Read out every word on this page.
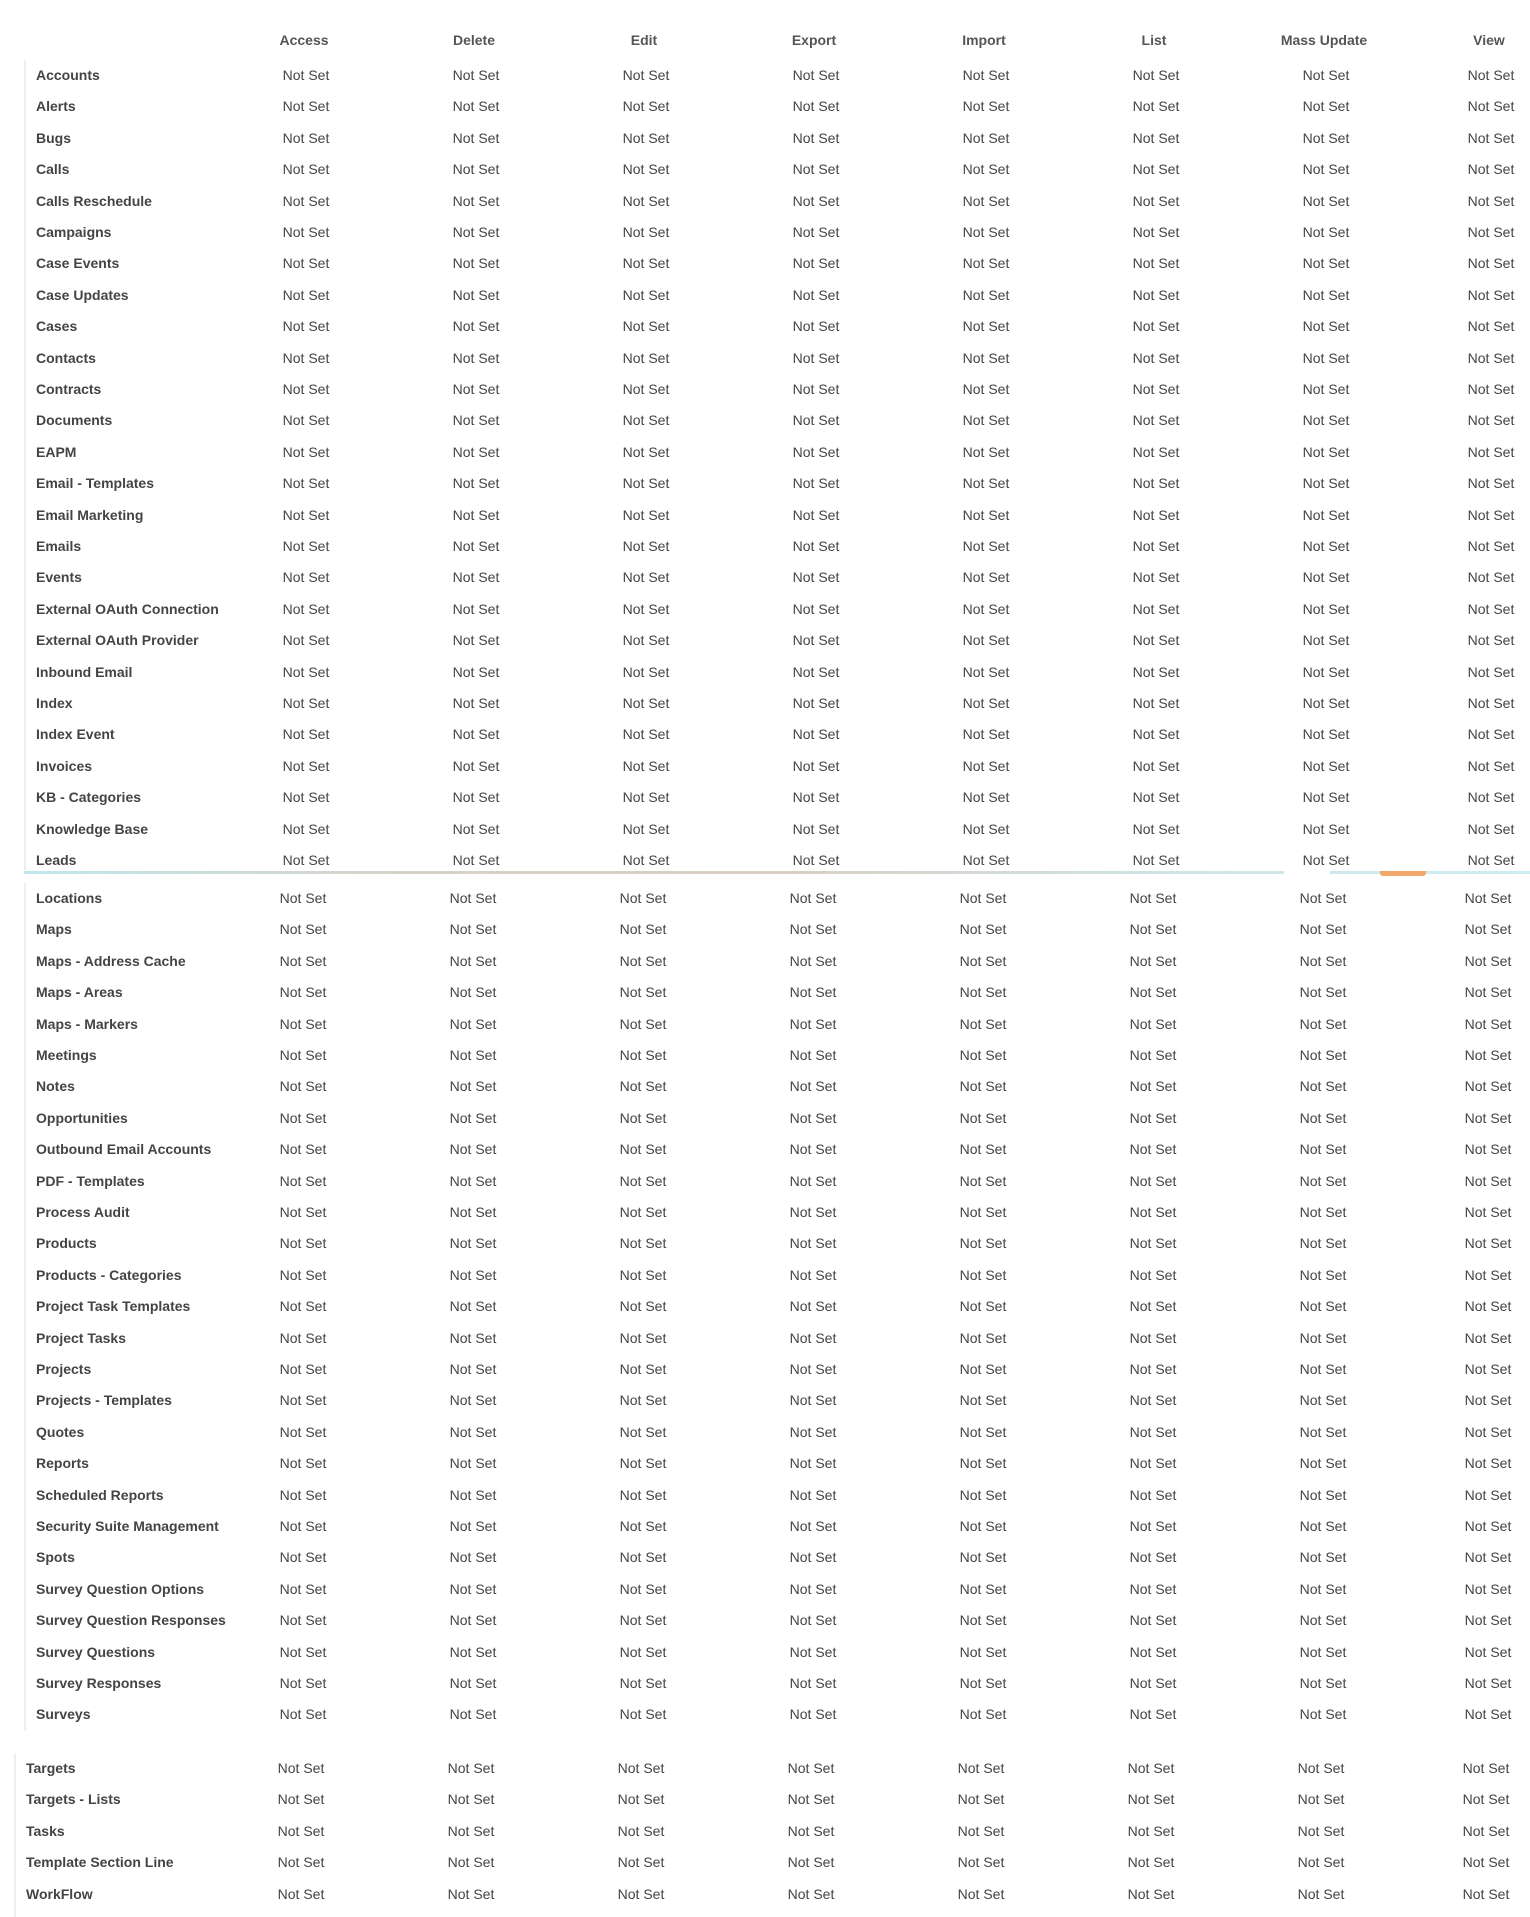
Access	Delete	Edit	Export	Import	List	Mass Update	View
Accounts	Not Set	Not Set	Not Set	Not Set	Not Set	Not Set	Not Set	Not Set
Alerts	Not Set	Not Set	Not Set	Not Set	Not Set	Not Set	Not Set	Not Set
Bugs	Not Set	Not Set	Not Set	Not Set	Not Set	Not Set	Not Set	Not Set
Calls	Not Set	Not Set	Not Set	Not Set	Not Set	Not Set	Not Set	Not Set
Calls Reschedule	Not Set	Not Set	Not Set	Not Set	Not Set	Not Set	Not Set	Not Set
Campaigns	Not Set	Not Set	Not Set	Not Set	Not Set	Not Set	Not Set	Not Set
Case Events	Not Set	Not Set	Not Set	Not Set	Not Set	Not Set	Not Set	Not Set
Case Updates	Not Set	Not Set	Not Set	Not Set	Not Set	Not Set	Not Set	Not Set
Cases	Not Set	Not Set	Not Set	Not Set	Not Set	Not Set	Not Set	Not Set
Contacts	Not Set	Not Set	Not Set	Not Set	Not Set	Not Set	Not Set	Not Set
Contracts	Not Set	Not Set	Not Set	Not Set	Not Set	Not Set	Not Set	Not Set
Documents	Not Set	Not Set	Not Set	Not Set	Not Set	Not Set	Not Set	Not Set
EAPM	Not Set	Not Set	Not Set	Not Set	Not Set	Not Set	Not Set	Not Set
Email - Templates	Not Set	Not Set	Not Set	Not Set	Not Set	Not Set	Not Set	Not Set
Email Marketing	Not Set	Not Set	Not Set	Not Set	Not Set	Not Set	Not Set	Not Set
Emails	Not Set	Not Set	Not Set	Not Set	Not Set	Not Set	Not Set	Not Set
Events	Not Set	Not Set	Not Set	Not Set	Not Set	Not Set	Not Set	Not Set
External OAuth Connection	Not Set	Not Set	Not Set	Not Set	Not Set	Not Set	Not Set	Not Set
External OAuth Provider	Not Set	Not Set	Not Set	Not Set	Not Set	Not Set	Not Set	Not Set
Inbound Email	Not Set	Not Set	Not Set	Not Set	Not Set	Not Set	Not Set	Not Set
Index	Not Set	Not Set	Not Set	Not Set	Not Set	Not Set	Not Set	Not Set
Index Event	Not Set	Not Set	Not Set	Not Set	Not Set	Not Set	Not Set	Not Set
Invoices	Not Set	Not Set	Not Set	Not Set	Not Set	Not Set	Not Set	Not Set
KB - Categories	Not Set	Not Set	Not Set	Not Set	Not Set	Not Set	Not Set	Not Set
Knowledge Base	Not Set	Not Set	Not Set	Not Set	Not Set	Not Set	Not Set	Not Set
Leads	Not Set	Not Set	Not Set	Not Set	Not Set	Not Set	Not Set	Not Set
Locations	Not Set	Not Set	Not Set	Not Set	Not Set	Not Set	Not Set	Not Set
Maps	Not Set	Not Set	Not Set	Not Set	Not Set	Not Set	Not Set	Not Set
Maps - Address Cache	Not Set	Not Set	Not Set	Not Set	Not Set	Not Set	Not Set	Not Set
Maps - Areas	Not Set	Not Set	Not Set	Not Set	Not Set	Not Set	Not Set	Not Set
Maps - Markers	Not Set	Not Set	Not Set	Not Set	Not Set	Not Set	Not Set	Not Set
Meetings	Not Set	Not Set	Not Set	Not Set	Not Set	Not Set	Not Set	Not Set
Notes	Not Set	Not Set	Not Set	Not Set	Not Set	Not Set	Not Set	Not Set
Opportunities	Not Set	Not Set	Not Set	Not Set	Not Set	Not Set	Not Set	Not Set
Outbound Email Accounts	Not Set	Not Set	Not Set	Not Set	Not Set	Not Set	Not Set	Not Set
PDF - Templates	Not Set	Not Set	Not Set	Not Set	Not Set	Not Set	Not Set	Not Set
Process Audit	Not Set	Not Set	Not Set	Not Set	Not Set	Not Set	Not Set	Not Set
Products	Not Set	Not Set	Not Set	Not Set	Not Set	Not Set	Not Set	Not Set
Products - Categories	Not Set	Not Set	Not Set	Not Set	Not Set	Not Set	Not Set	Not Set
Project Task Templates	Not Set	Not Set	Not Set	Not Set	Not Set	Not Set	Not Set	Not Set
Project Tasks	Not Set	Not Set	Not Set	Not Set	Not Set	Not Set	Not Set	Not Set
Projects	Not Set	Not Set	Not Set	Not Set	Not Set	Not Set	Not Set	Not Set
Projects - Templates	Not Set	Not Set	Not Set	Not Set	Not Set	Not Set	Not Set	Not Set
Quotes	Not Set	Not Set	Not Set	Not Set	Not Set	Not Set	Not Set	Not Set
Reports	Not Set	Not Set	Not Set	Not Set	Not Set	Not Set	Not Set	Not Set
Scheduled Reports	Not Set	Not Set	Not Set	Not Set	Not Set	Not Set	Not Set	Not Set
Security Suite Management	Not Set	Not Set	Not Set	Not Set	Not Set	Not Set	Not Set	Not Set
Spots	Not Set	Not Set	Not Set	Not Set	Not Set	Not Set	Not Set	Not Set
Survey Question Options	Not Set	Not Set	Not Set	Not Set	Not Set	Not Set	Not Set	Not Set
Survey Question Responses	Not Set	Not Set	Not Set	Not Set	Not Set	Not Set	Not Set	Not Set
Survey Questions	Not Set	Not Set	Not Set	Not Set	Not Set	Not Set	Not Set	Not Set
Survey Responses	Not Set	Not Set	Not Set	Not Set	Not Set	Not Set	Not Set	Not Set
Surveys	Not Set	Not Set	Not Set	Not Set	Not Set	Not Set	Not Set	Not Set
Targets	Not Set	Not Set	Not Set	Not Set	Not Set	Not Set	Not Set	Not Set
Targets - Lists	Not Set	Not Set	Not Set	Not Set	Not Set	Not Set	Not Set	Not Set
Tasks	Not Set	Not Set	Not Set	Not Set	Not Set	Not Set	Not Set	Not Set
Template Section Line	Not Set	Not Set	Not Set	Not Set	Not Set	Not Set	Not Set	Not Set
WorkFlow	Not Set	Not Set	Not Set	Not Set	Not Set	Not Set	Not Set	Not Set
